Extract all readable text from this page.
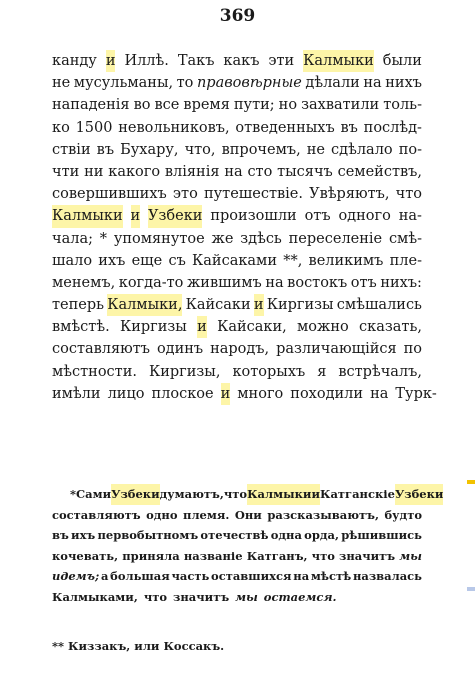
369
канду и Иллѣ. Такъ какъ эти Калмыки были
не мусульманы, то правовѣрные дѣлали на нихъ
нападенія во все время пути; но захватили толь-
ко 1500 невольниковъ, отведенныхъ въ послѣд-
ствіи въ Бухару, что, впрочемъ, не сдѣлало по-
чти ни какого вліянія на сто тысячъ семействъ,
совершившихъ это путешествіе. Увѣряютъ, что
Калмыки и Узбеки произошли отъ одного на-
чала; * упомянутое же здѣсь переселеніе смѣ-
шало ихъ еще съ Кайсаками **, великимъ пле-
менемъ, когда-то жившимъ на востокъ отъ нихъ:
теперь Калмыки, Кайсаки и Киргизы смѣшались
вмѣстѣ. Киргизы и Кайсаки, можно сказать,
составляютъ одинъ народъ, различающійся по
мѣстности. Киргизы, которыхъ я встрѣчалъ,
имѣли лицо плоское и много походили на Турк-
* Сами Узбеки думаютъ, что Калмыки и Катганскіе Узбеки
составляютъ одно племя. Они разсказываютъ, будто
въ ихъ первобытномъ отечествѣ одна орда, рѣшившись
кочевать, приняла названіе Катганъ, что значитъ мы
идемъ; а большая часть оставшихся на мѣстѣ назвалась
Калмыками, что значитъ мы остаемся.
** Киззакъ, или Коссакъ.
